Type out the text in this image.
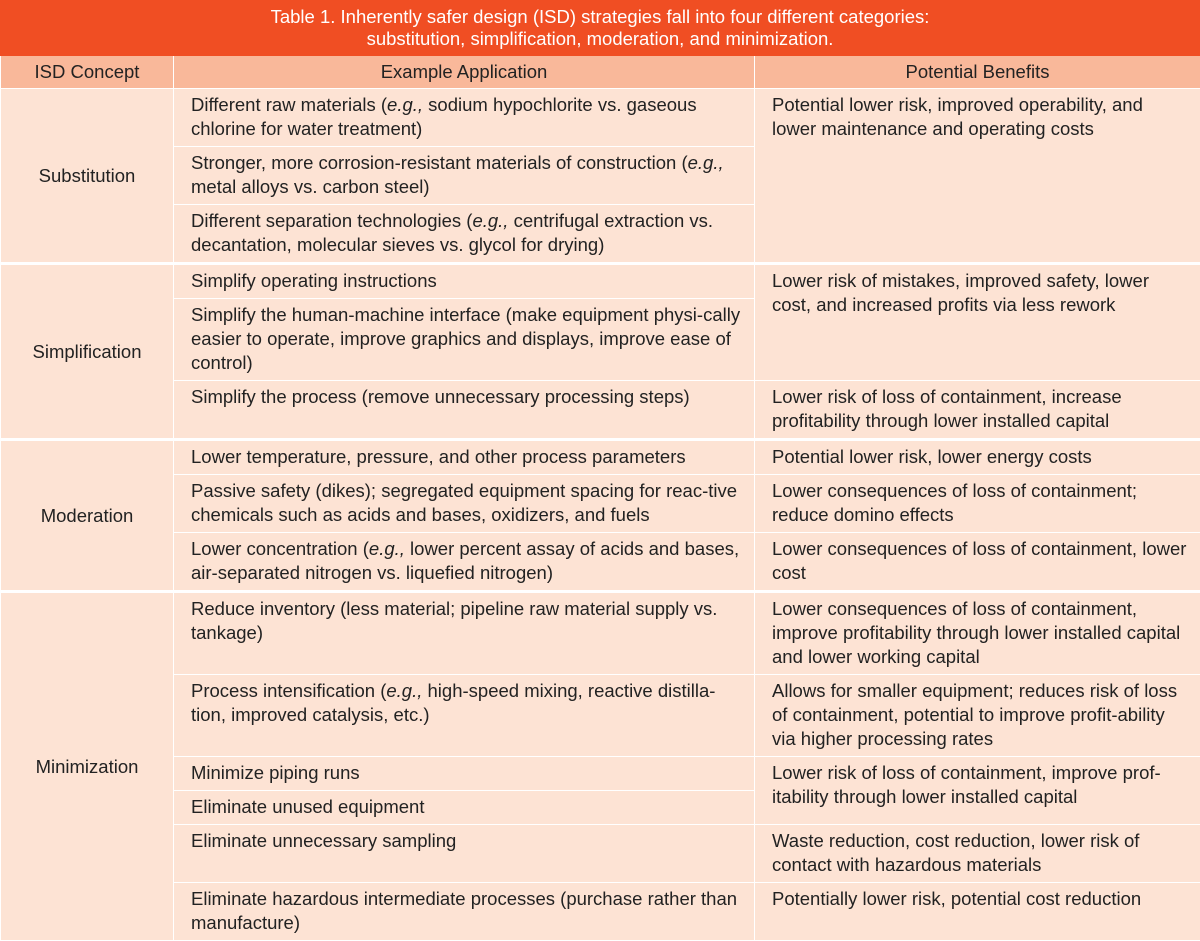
Table 1. Inherently safer design (ISD) strategies fall into four different categories:
substitution, simplification, moderation, and minimization.
ISD Concept	Example Application	Potential Benefits
Substitution	Different raw materials (e.g., sodium hypochlorite vs. gaseous chlorine for water treatment)	Potential lower risk, improved operability, and lower maintenance and operating costs
	Stronger, more corrosion-resistant materials of construction (e.g., metal alloys vs. carbon steel)	
	Different separation technologies (e.g., centrifugal extraction vs. decantation, molecular sieves vs. glycol for drying)	
Simplification	Simplify operating instructions	Lower risk of mistakes, improved safety, lower cost, and increased profits via less rework
	Simplify the human-machine interface (make equipment physi-cally easier to operate, improve graphics and displays, improve ease of control)	
	Simplify the process (remove unnecessary processing steps)	Lower risk of loss of containment, increase profitability through lower installed capital
Moderation	Lower temperature, pressure, and other process parameters	Potential lower risk, lower energy costs
	Passive safety (dikes); segregated equipment spacing for reac-tive chemicals such as acids and bases, oxidizers, and fuels	Lower consequences of loss of containment; reduce domino effects
	Lower concentration (e.g., lower percent assay of acids and bases, air-separated nitrogen vs. liquefied nitrogen)	Lower consequences of loss of containment, lower cost
Minimization	Reduce inventory (less material; pipeline raw material supply vs. tankage)	Lower consequences of loss of containment, improve profitability through lower installed capital and lower working capital
	Process intensification (e.g., high-speed mixing, reactive distilla-tion, improved catalysis, etc.)	Allows for smaller equipment; reduces risk of loss of containment, potential to improve profit-ability via higher processing rates
	Minimize piping runs	Lower risk of loss of containment, improve prof-itability through lower installed capital
	Eliminate unused equipment	
	Eliminate unnecessary sampling	Waste reduction, cost reduction, lower risk of contact with hazardous materials
	Eliminate hazardous intermediate processes (purchase rather than manufacture)	Potentially lower risk, potential cost reduction
